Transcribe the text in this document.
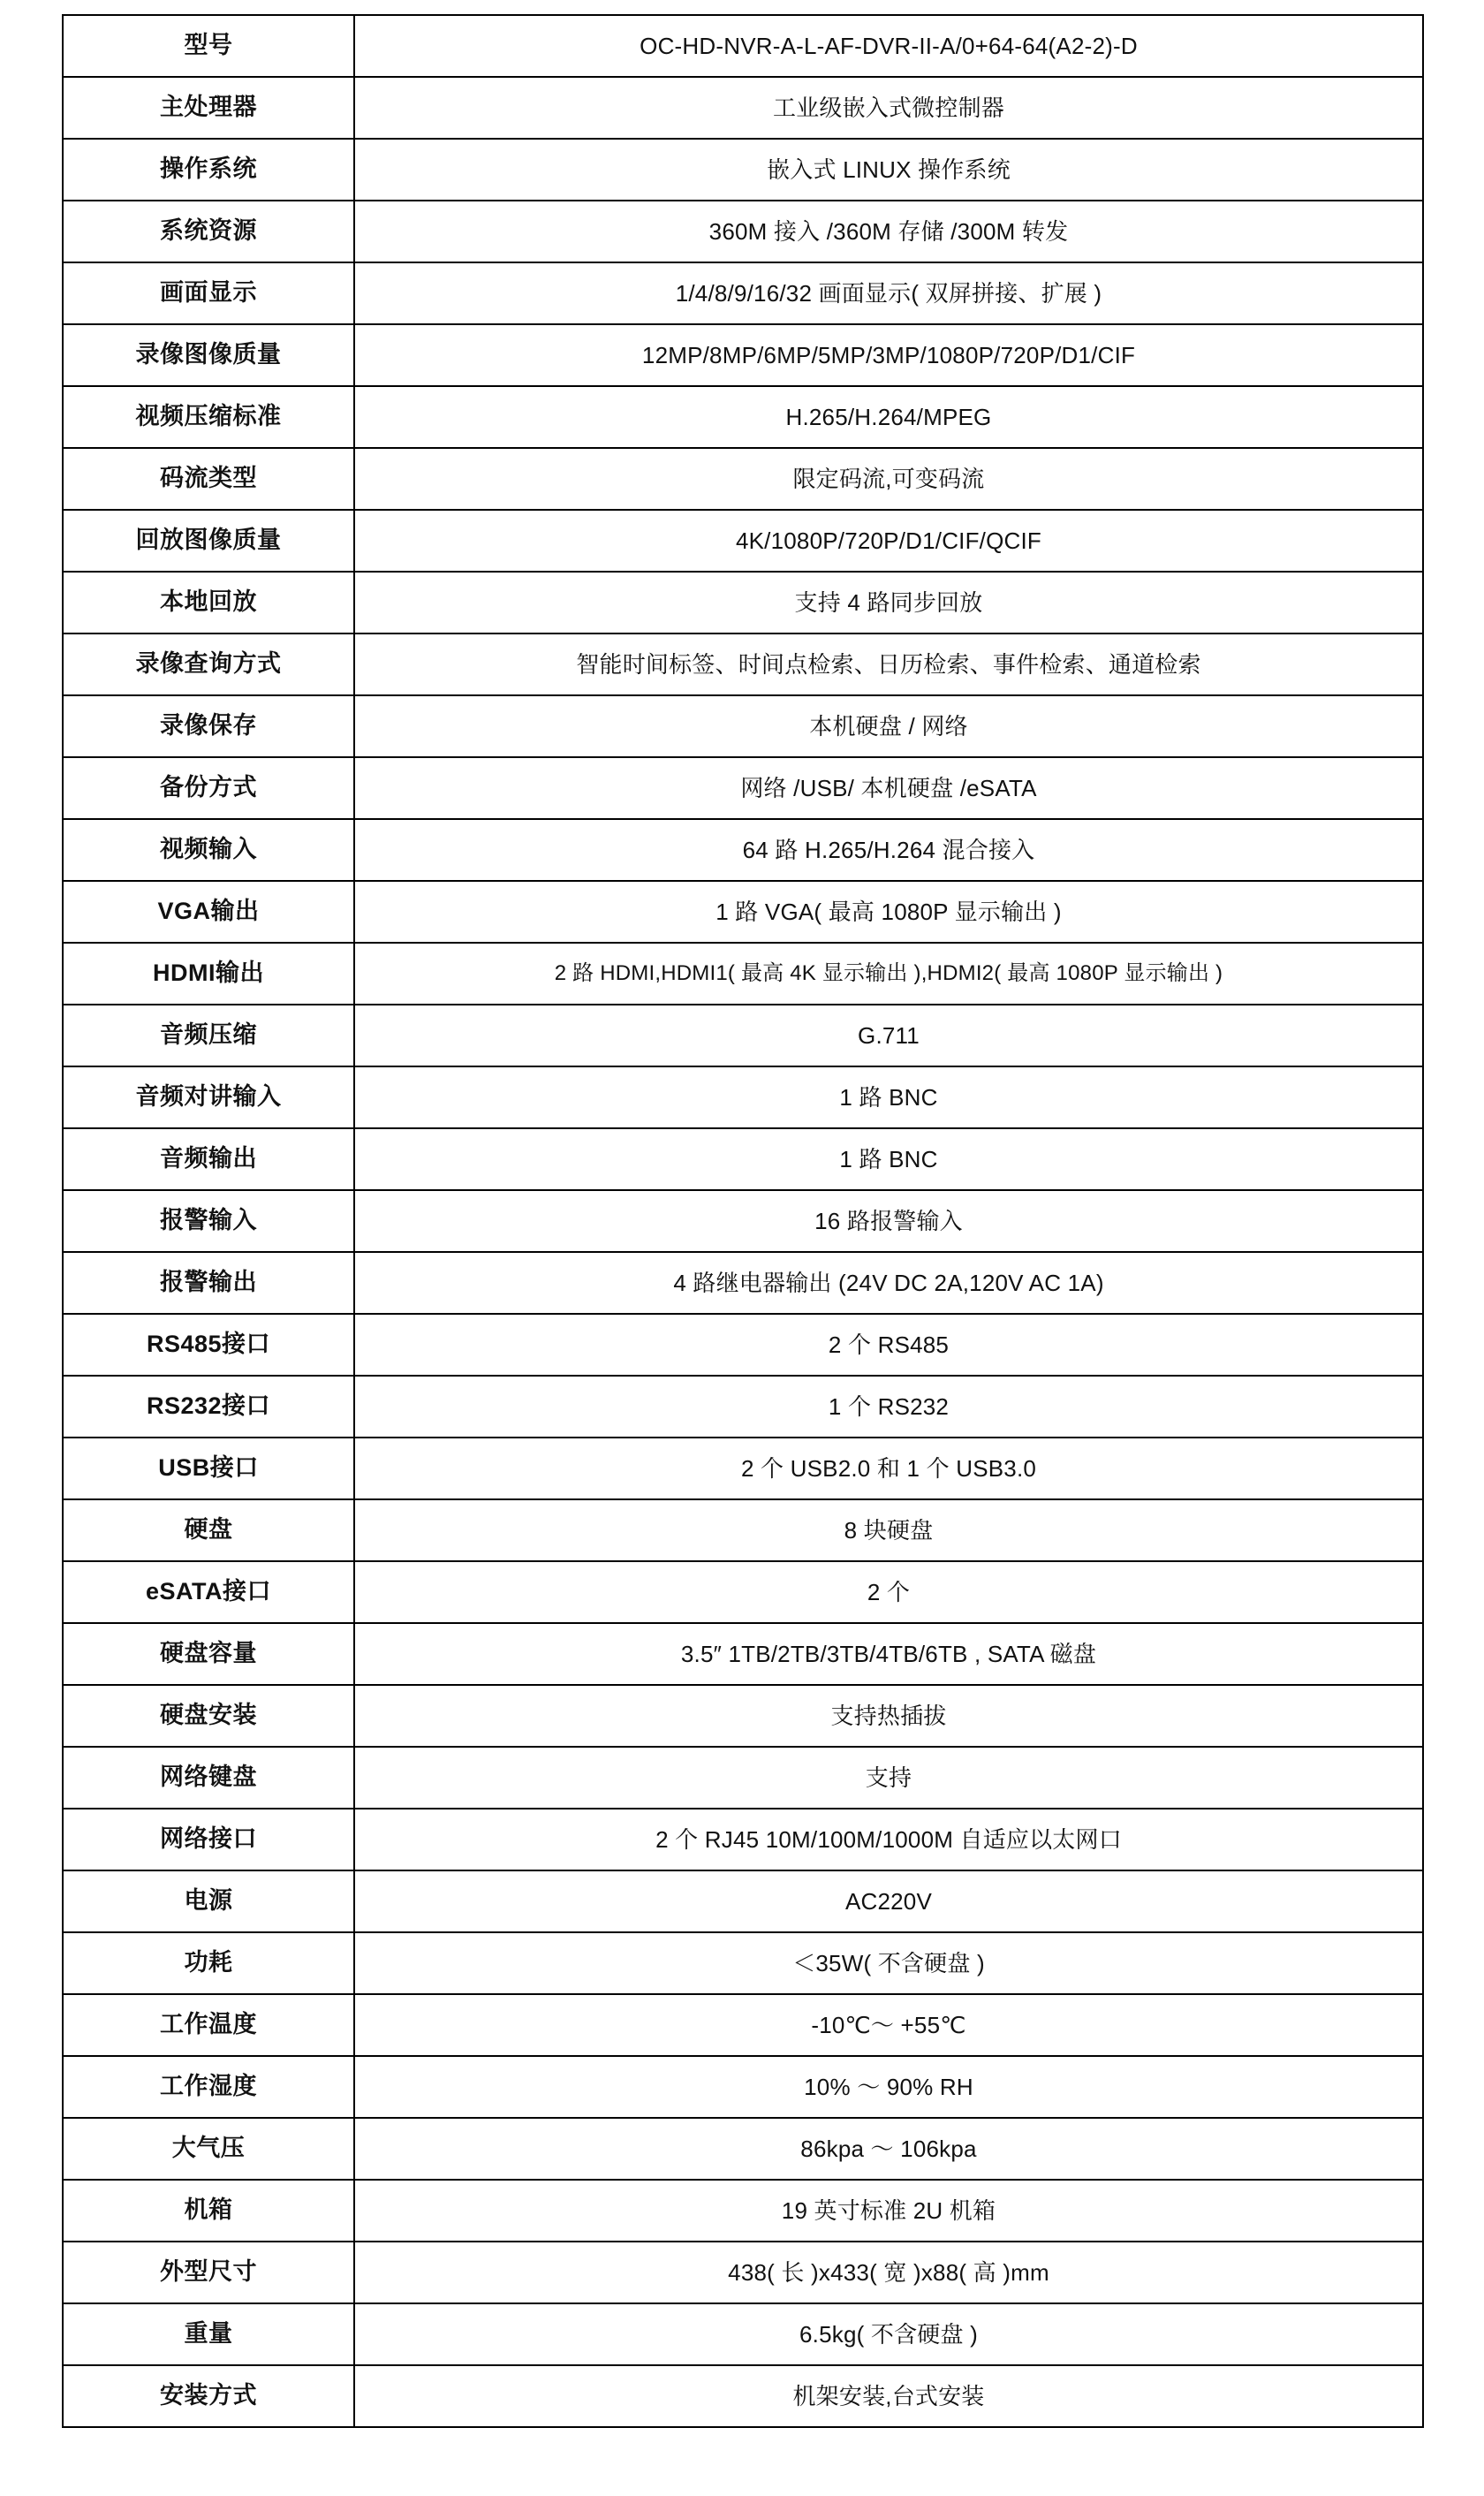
型号	OC-HD-NVR-A-L-AF-DVR-II-A/0+64-64(A2-2)-D
主处理器	工业级嵌入式微控制器
操作系统	嵌入式 LINUX 操作系统
系统资源	360M 接入 /360M 存储 /300M 转发
画面显示	1/4/8/9/16/32 画面显示( 双屏拼接、扩展 )
录像图像质量	12MP/8MP/6MP/5MP/3MP/1080P/720P/D1/CIF
视频压缩标准	H.265/H.264/MPEG
码流类型	限定码流,可变码流
回放图像质量	4K/1080P/720P/D1/CIF/QCIF
本地回放	支持 4 路同步回放
录像查询方式	智能时间标签、时间点检索、日历检索、事件检索、通道检索
录像保存	本机硬盘 / 网络
备份方式	网络 /USB/ 本机硬盘 /eSATA
视频输入	64 路 H.265/H.264 混合接入
VGA输出	1 路 VGA( 最高 1080P 显示输出 )
HDMI输出	2 路 HDMI,HDMI1( 最高 4K 显示输出 ),HDMI2( 最高 1080P 显示输出 )
音频压缩	G.711
音频对讲输入	1 路 BNC
音频输出	1 路 BNC
报警输入	16 路报警输入
报警输出	4 路继电器输出 (24V DC 2A,120V AC 1A)
RS485接口	2 个 RS485
RS232接口	1 个 RS232
USB接口	2 个 USB2.0 和 1 个 USB3.0
硬盘	8 块硬盘
eSATA接口	2 个
硬盘容量	3.5″ 1TB/2TB/3TB/4TB/6TB , SATA 磁盘
硬盘安装	支持热插拔
网络键盘	支持
网络接口	2 个 RJ45 10M/100M/1000M 自适应以太网口
电源	AC220V
功耗	＜35W( 不含硬盘 )
工作温度	-10℃～ +55℃
工作湿度	10% ～ 90% RH
大气压	86kpa ～ 106kpa
机箱	19 英寸标准 2U 机箱
外型尺寸	438( 长 )x433( 宽 )x88( 高 )mm
重量	6.5kg( 不含硬盘 )
安装方式	机架安装,台式安装
